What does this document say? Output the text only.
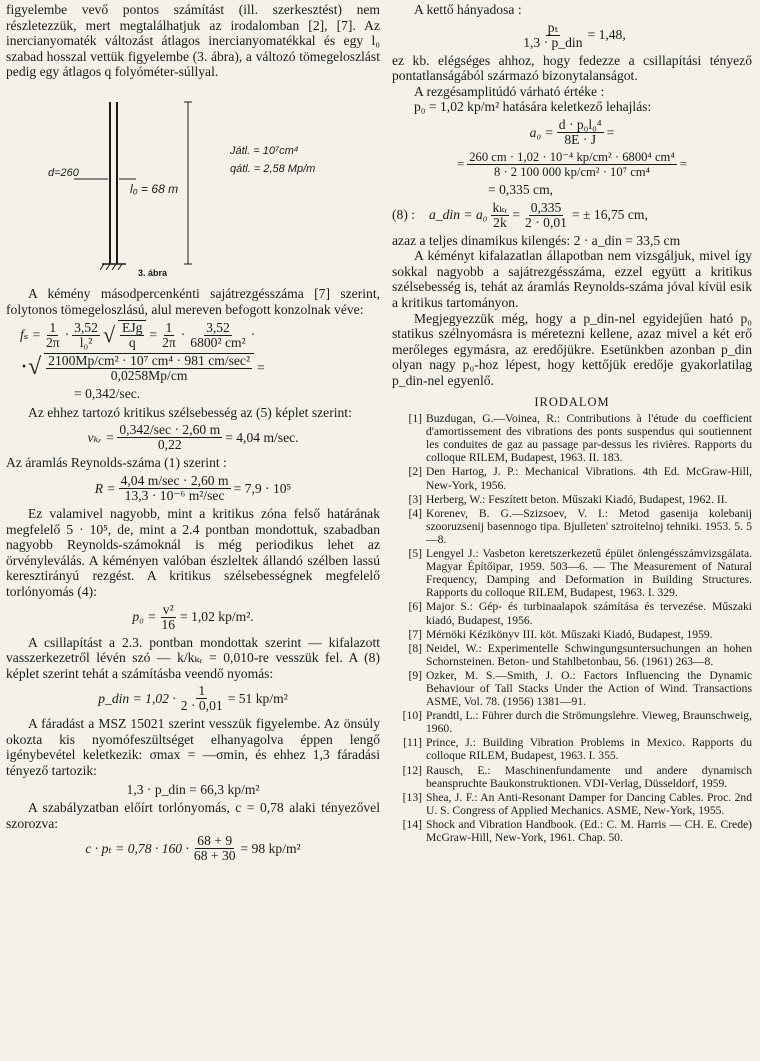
figyelembe vevő pontos számítást (ill. szerkesztést) nem részletezzük, mert megtalálhatjuk az irodalomban [2], [7]. Az inercianyomaték változást átlagos inercianyomatékkal és egy l₀ szabad hosszal vettük figyelembe (3. ábra), a változó tömegeloszlást pedig egy átlagos q folyóméter-súllyal.

d=260
l₀ = 68 m
Játl. = 10⁷cm⁴
qátl. = 2,58 Mp/m
3. ábra

A kémény másodpercenkénti sajátrezgésszáma [7] szerint, folytonos tömegeloszlású, alul mereven befogott konzolnak véve:

$f_s = \frac{1}{2\pi} \cdot \frac{3,52}{\text{l₀²}}$ √ $\frac{\text{EJg}}{q} = \frac{1}{2\pi} \cdot \frac{3,52}{\text{6800² cm²}}$ ·
·√ $\frac{\text{2100Mp/cm² · 10⁷ cm⁴ · 981 cm/sec²}}{0,0258Mp/cm}$ =
= 0,342/sec.

Az ehhez tartozó kritikus szélsebesség az (5) képlet szerint:

vₖᵣ = $\frac{0,342/\sec \cdot 2,60 m}{0,22} = 4,04$ m/sec.

Az áramlás Reynolds-száma (1) szerint :

$R = \frac{4,04 m/\sec \cdot 2,60 m}{\text{13,3 · 10⁻⁶ m²/sec}} = 7,9 \cdot 10^5$

Ez valamivel nagyobb, mint a kritikus zóna felső határának megfelelő 5 · 10⁵, de, mint a 2.4 pontban mondottuk, szabadban nagyobb Reynolds-számoknál is még periodikus lehet az örvényleválás. A kéményen valóban észleltek állandó szélben lassú keresztirányú rezgést. A kritikus szélsebességnek megfelelő torlónyomás (4):

$p_0 = \frac{\text{v²}}{16} = 1,02$ kp/m².

A csillapítást a 2.3. pontban mondottak szerint — kifalazott vasszerkezetről lévén szó — k/kₖᵣ = 0,010-re vesszük fel. A (8) képlet szerint tehát a számításba veendő nyomás:

p_din = $1,02 \cdot \frac{1}{2 \cdot 0,01} = 51$ kp/m²

A fáradást a MSZ 15021 szerint vesszük figyelembe. Az önsúly okozta kis nyomófeszültséget elhanyagolva éppen lengő igénybevétel keletkezik: σmax = —σmin, és ehhez 1,3 fáradási tényező tartozik:

1,3 · p_din = 66,3 kp/m²

A szabályzatban előírt torlónyomás, c = 0,78 alaki tényezővel szorozva:

$c \cdot p_t = 0,78 \cdot 160 \cdot \frac{68 + 9}{68 + 30} = 98$ kp/m²

A kettő hányadosa :

$\frac{\text{pₜ}}{\text{1,3 · p\_din}} = 1,48$,

ez kb. elégséges ahhoz, hogy fedezze a csillapítási tényező pontatlanságából származó bizonytalanságot.

A rezgésamplitúdó várható értéke :

p₀ = 1,02 kp/m² hatására keletkező lehajlás:

$a_0 = \frac{\text{d · p₀l₀⁴}}{8E \cdot J}$ =
= $\frac{\text{260 cm · 1,02 · 10⁻⁴ kp/cm² · 6800⁴ cm⁴}}{\text{8 · 2 100 000 kp/cm² · 10⁷ cm⁴}}$ =
= 0,335 cm,
(8) : a_din = $a_0 \frac{\text{kₖᵣ}}{2k} = \frac{0,335}{2 \cdot 0,01}$ = ± 16,75 cm,

azaz a teljes dinamikus kilengés: 2 · a_din = 33,5 cm

A kéményt kifalazatlan állapotban nem vizsgáljuk, mivel így sokkal nagyobb a sajátrezgésszáma, ezzel együtt a kritikus szélsebesség is, tehát az áramlás Reynolds-száma jóval kívül esik a kritikus tartományon.

Megjegyezzük még, hogy a p_din-nel egyidejűen ható p₀ statikus szélnyomásra is méretezni kellene, azaz mivel a két erő merőleges egymásra, az eredőjükre. Esetünkben azonban p_din olyan nagy p₀-hoz lépest, hogy kettőjük eredője gyakorlatilag p_din-nel egyenlő.

IRODALOM
[1] Buzdugan, G.—Voinea, R.: Contributions à l'étude du coefficient d'amortissement des vibrations des ponts suspendus qui soutiennent les conduites de gaz au passage par-dessus les rivières. Rapports du colloque RILEM, Budapest, 1963. II. 183.
[2] Den Hartog, J. P.: Mechanical Vibrations. 4th Ed. McGraw-Hill, New-York, 1956.
[3] Herberg, W.: Feszített beton. Műszaki Kiadó, Budapest, 1962. II.
[4] Korenev, B. G.—Szizsoev, V. I.: Metod gasenija kolebanij szooruzsenij basennogo tipa. Bjulleten' sztroitelnoj tehniki. 1953. 5. 5—8.
[5] Lengyel J.: Vasbeton keretszerkezetű épület önlengésszámvizsgálata. Magyar Építőipar, 1959. 503—6. — The Measurement of Natural Frequency, Damping and Deformation in Building Structures. Rapports du colloque RILEM, Budapest, 1963. I. 329.
[6] Major S.: Gép- és turbinaalapok számítása és tervezése. Műszaki kiadó, Budapest, 1956.
[7] Mérnöki Kézikönyv III. köt. Műszaki Kiadó, Budapest, 1959.
[8] Neidel, W.: Experimentelle Schwingungsuntersuchungen an hohen Schornsteinen. Beton- und Stahlbetonbau, 56. (1961) 263—8.
[9] Ozker, M. S.—Smith, J. O.: Factors Influencing the Dynamic Behaviour of Tall Stacks Under the Action of Wind. Transactions ASME, Vol. 78. (1956) 1381—91.
[10] Prandtl, L.: Führer durch die Strömungslehre. Vieweg, Braunschweig, 1960.
[11] Prince, J.: Building Vibration Problems in Mexico. Rapports du colloque RILEM, Budapest, 1963. I. 355.
[12] Rausch, E.: Maschinenfundamente und andere dynamisch beanspruchte Baukonstruktionen. VDI-Verlag, Düsseldorf, 1959.
[13] Shea, J. F.: An Anti-Resonant Damper for Dancing Cables. Proc. 2nd U. S. Congress of Applied Mechanics. ASME, New-York, 1955.
[14] Shock and Vibration Handbook. (Ed.: C. M. Harris — CH. E. Crede) McGraw-Hill, New-York, 1961. Chap. 50.
